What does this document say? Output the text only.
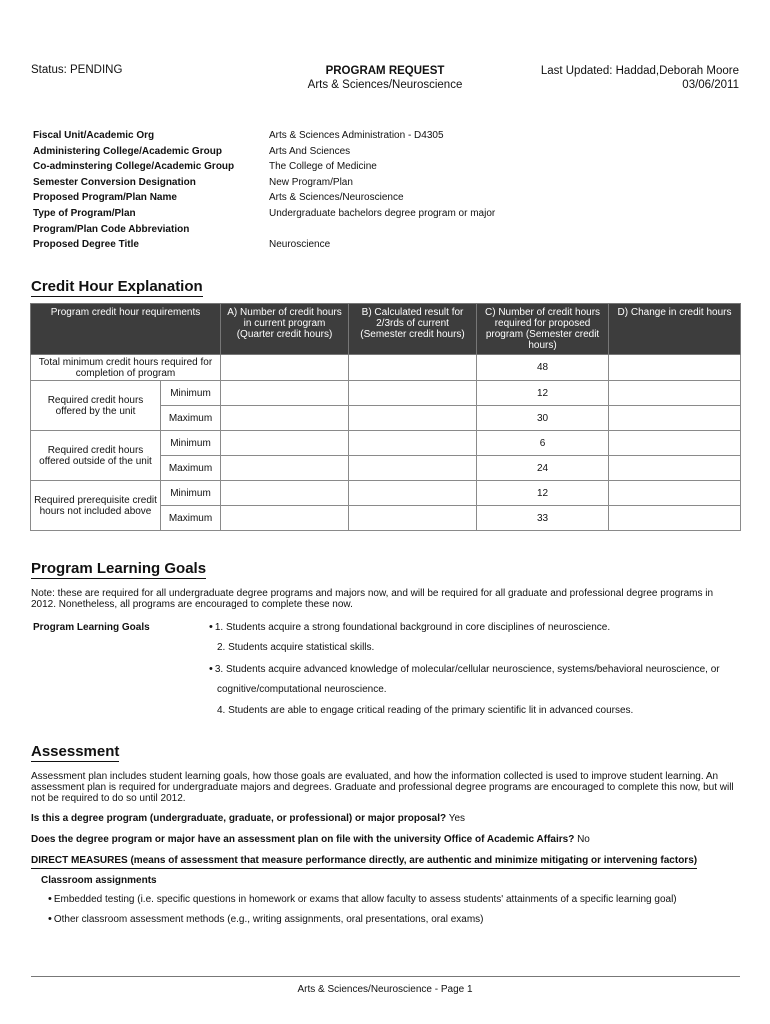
Status: PENDING	PROGRAM REQUEST
Arts & Sciences/Neuroscience
Last Updated: Haddad,Deborah Moore
03/06/2011
Fiscal Unit/Academic Org	Arts & Sciences Administration - D4305
Administering College/Academic Group	Arts And Sciences
Co-adminstering College/Academic Group	The College of Medicine
Semester Conversion Designation	New Program/Plan
Proposed Program/Plan Name	Arts & Sciences/Neuroscience
Type of Program/Plan	Undergraduate bachelors degree program or major
Program/Plan Code Abbreviation
Proposed Degree Title	Neuroscience
Credit Hour Explanation
Program credit hour requirements		A) Number of credit hours in current program (Quarter credit hours)	B) Calculated result for 2/3rds of current (Semester credit hours)	C) Number of credit hours required for proposed program (Semester credit hours)	D) Change in credit hours
Total minimum credit hours required for completion of program				48	
Required credit hours offered by the unit	Minimum			12	
	Maximum			30	
Required credit hours offered outside of the unit	Minimum			6	
	Maximum			24	
Required prerequisite credit hours not included above	Minimum			12	
	Maximum			33	
Program Learning Goals
Note: these are required for all undergraduate degree programs and majors now, and will be required for all graduate and professional degree programs in 2012. Nonetheless, all programs are encouraged to complete these now.
Program Learning Goals	• 1. Students acquire a strong foundational background in core disciplines of neuroscience.
2. Students acquire statistical skills.
• 3. Students acquire advanced knowledge of molecular/cellular neuroscience, systems/behavioral neuroscience, or
cognitive/computational neuroscience.
4. Students are able to engage critical reading of the primary scientific lit in advanced courses.
Assessment
Assessment plan includes student learning goals, how those goals are evaluated, and how the information collected is used to improve student learning. An assessment plan is required for undergraduate majors and degrees. Graduate and professional degree programs are encouraged to complete this now, but will not be required to do so until 2012.
Is this a degree program (undergraduate, graduate, or professional) or major proposal? Yes
Does the degree program or major have an assessment plan on file with the university Office of Academic Affairs? No
DIRECT MEASURES (means of assessment that measure performance directly, are authentic and minimize mitigating or intervening factors)
Classroom assignments
• Embedded testing (i.e. specific questions in homework or exams that allow faculty to assess students' attainments of a specific learning goal)
• Other classroom assessment methods (e.g., writing assignments, oral presentations, oral exams)
Arts & Sciences/Neuroscience - Page 1
